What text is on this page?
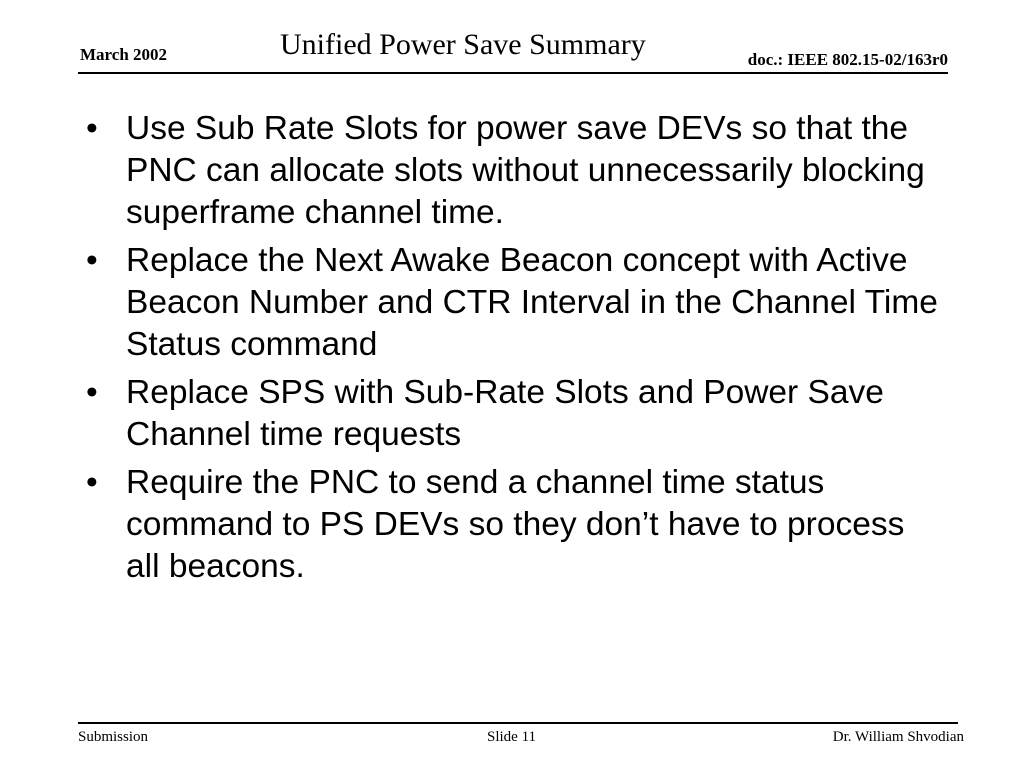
March 2002	Unified Power Save Summary	doc.: IEEE 802.15-02/163r0
• Use Sub Rate Slots for power save DEVs so that the PNC can allocate slots without unnecessarily blocking superframe channel time.
• Replace the Next Awake Beacon concept with Active Beacon Number and CTR Interval in the Channel Time Status command
• Replace SPS with Sub-Rate Slots and Power Save Channel time requests
• Require the PNC to send a channel time status command to PS DEVs so they don’t have to process all beacons.
Submission	Slide 11	Dr. William Shvodian
